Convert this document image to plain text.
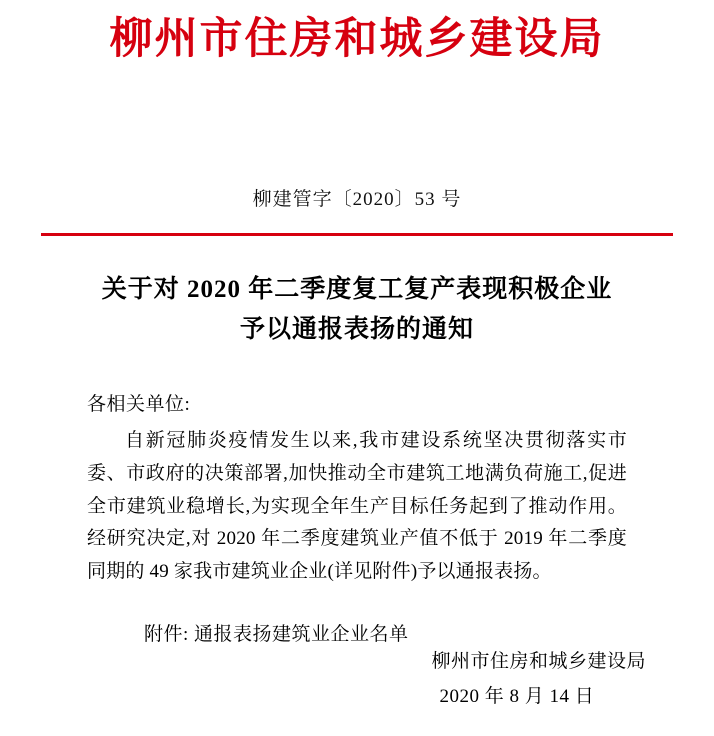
柳州市住房和城乡建设局
柳建管字〔2020〕53 号
关于对 2020 年二季度复工复产表现积极企业
予以通报表扬的通知

各相关单位:

自新冠肺炎疫情发生以来,我市建设系统坚决贯彻落实市委、市政府的决策部署,加快推动全市建筑工地满负荷施工,促进全市建筑业稳增长,为实现全年生产目标任务起到了推动作用。经研究决定,对 2020 年二季度建筑业产值不低于 2019 年二季度同期的 49 家我市建筑业企业(详见附件)予以通报表扬。

附件: 通报表扬建筑业企业名单

柳州市住房和城乡建设局
2020 年 8 月 14 日
